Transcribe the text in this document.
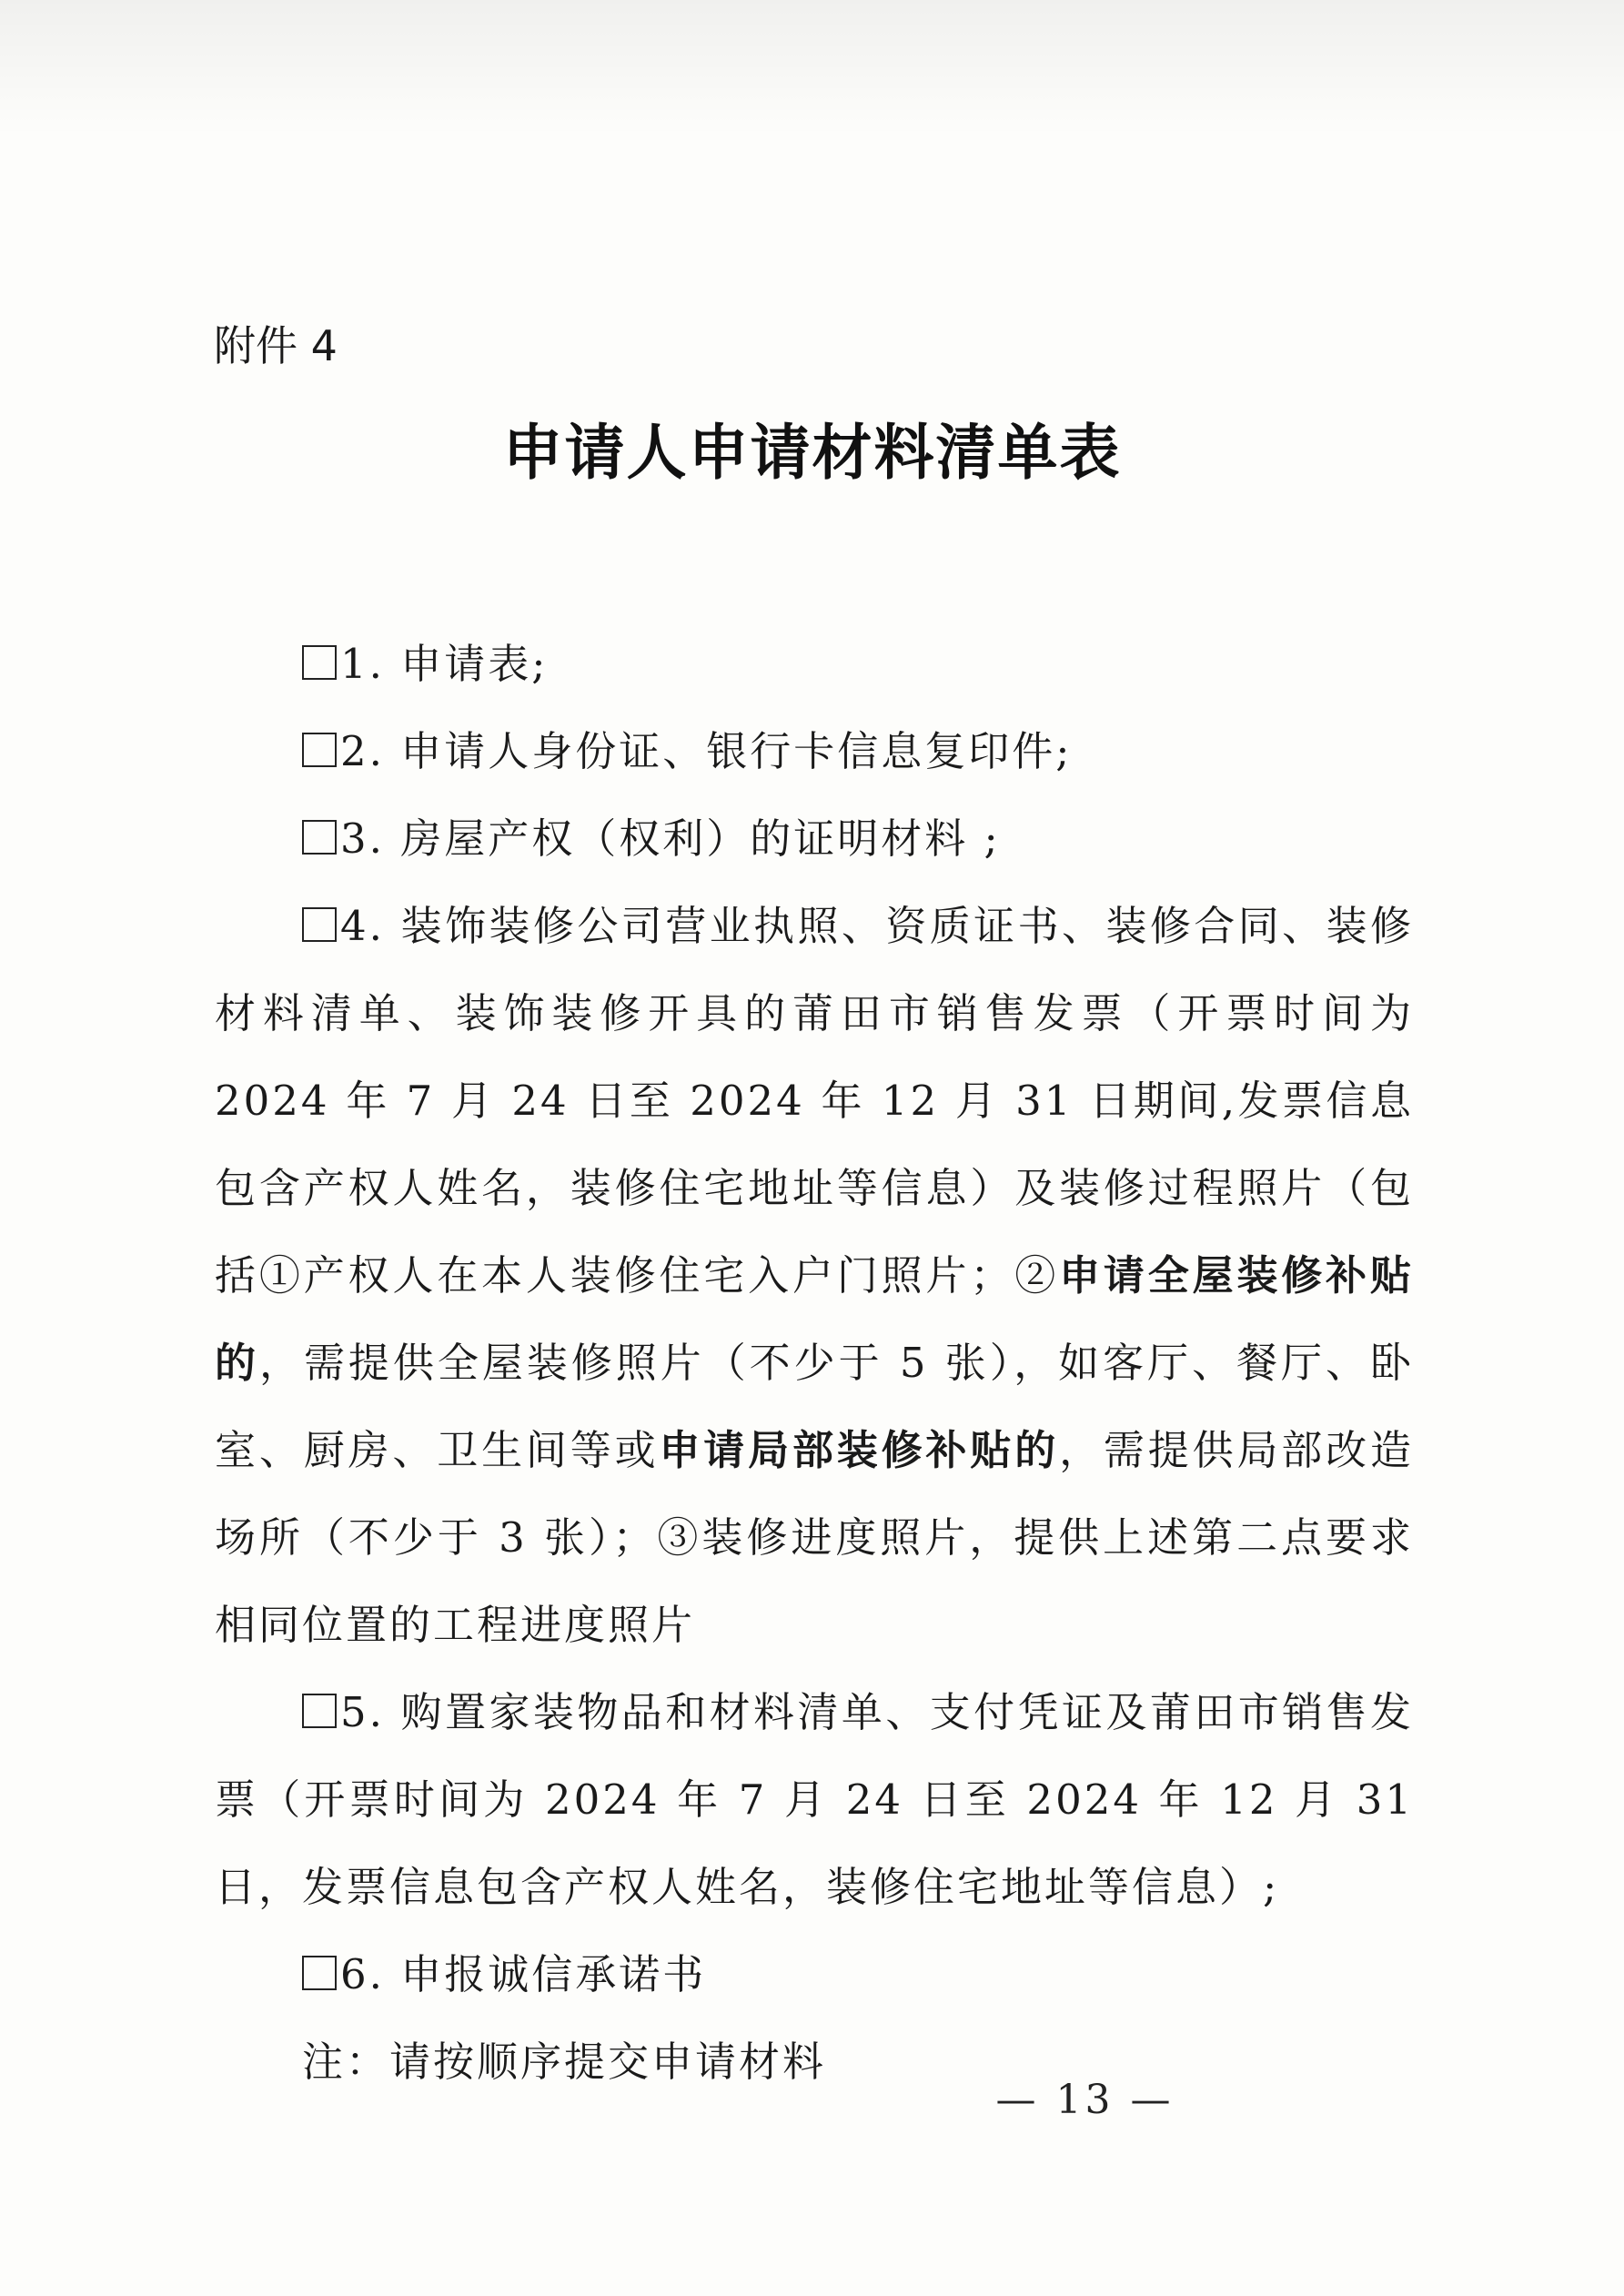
附件 4
申请人申请材料清单表

1. 申请表;

2. 申请人身份证、银行卡信息复印件;

3. 房屋产权（权利）的证明材料 ;

4. 装饰装修公司营业执照、资质证书、装修合同、装修材料清单、装饰装修开具的莆田市销售发票（开票时间为 2024 年 7 月 24 日至 2024 年 12 月 31 日期间,发票信息包含产权人姓名，装修住宅地址等信息）及装修过程照片（包括①产权人在本人装修住宅入户门照片；②申请全屋装修补贴的，需提供全屋装修照片（不少于 5 张），如客厅、餐厅、卧室、厨房、卫生间等或申请局部装修补贴的，需提供局部改造场所（不少于 3 张）；③装修进度照片，提供上述第二点要求相同位置的工程进度照片

5. 购置家装物品和材料清单、支付凭证及莆田市销售发票（开票时间为 2024 年 7 月 24 日至 2024 年 12 月 31 日，发票信息包含产权人姓名，装修住宅地址等信息）;

6. 申报诚信承诺书

注：请按顺序提交申请材料

— 13 —
